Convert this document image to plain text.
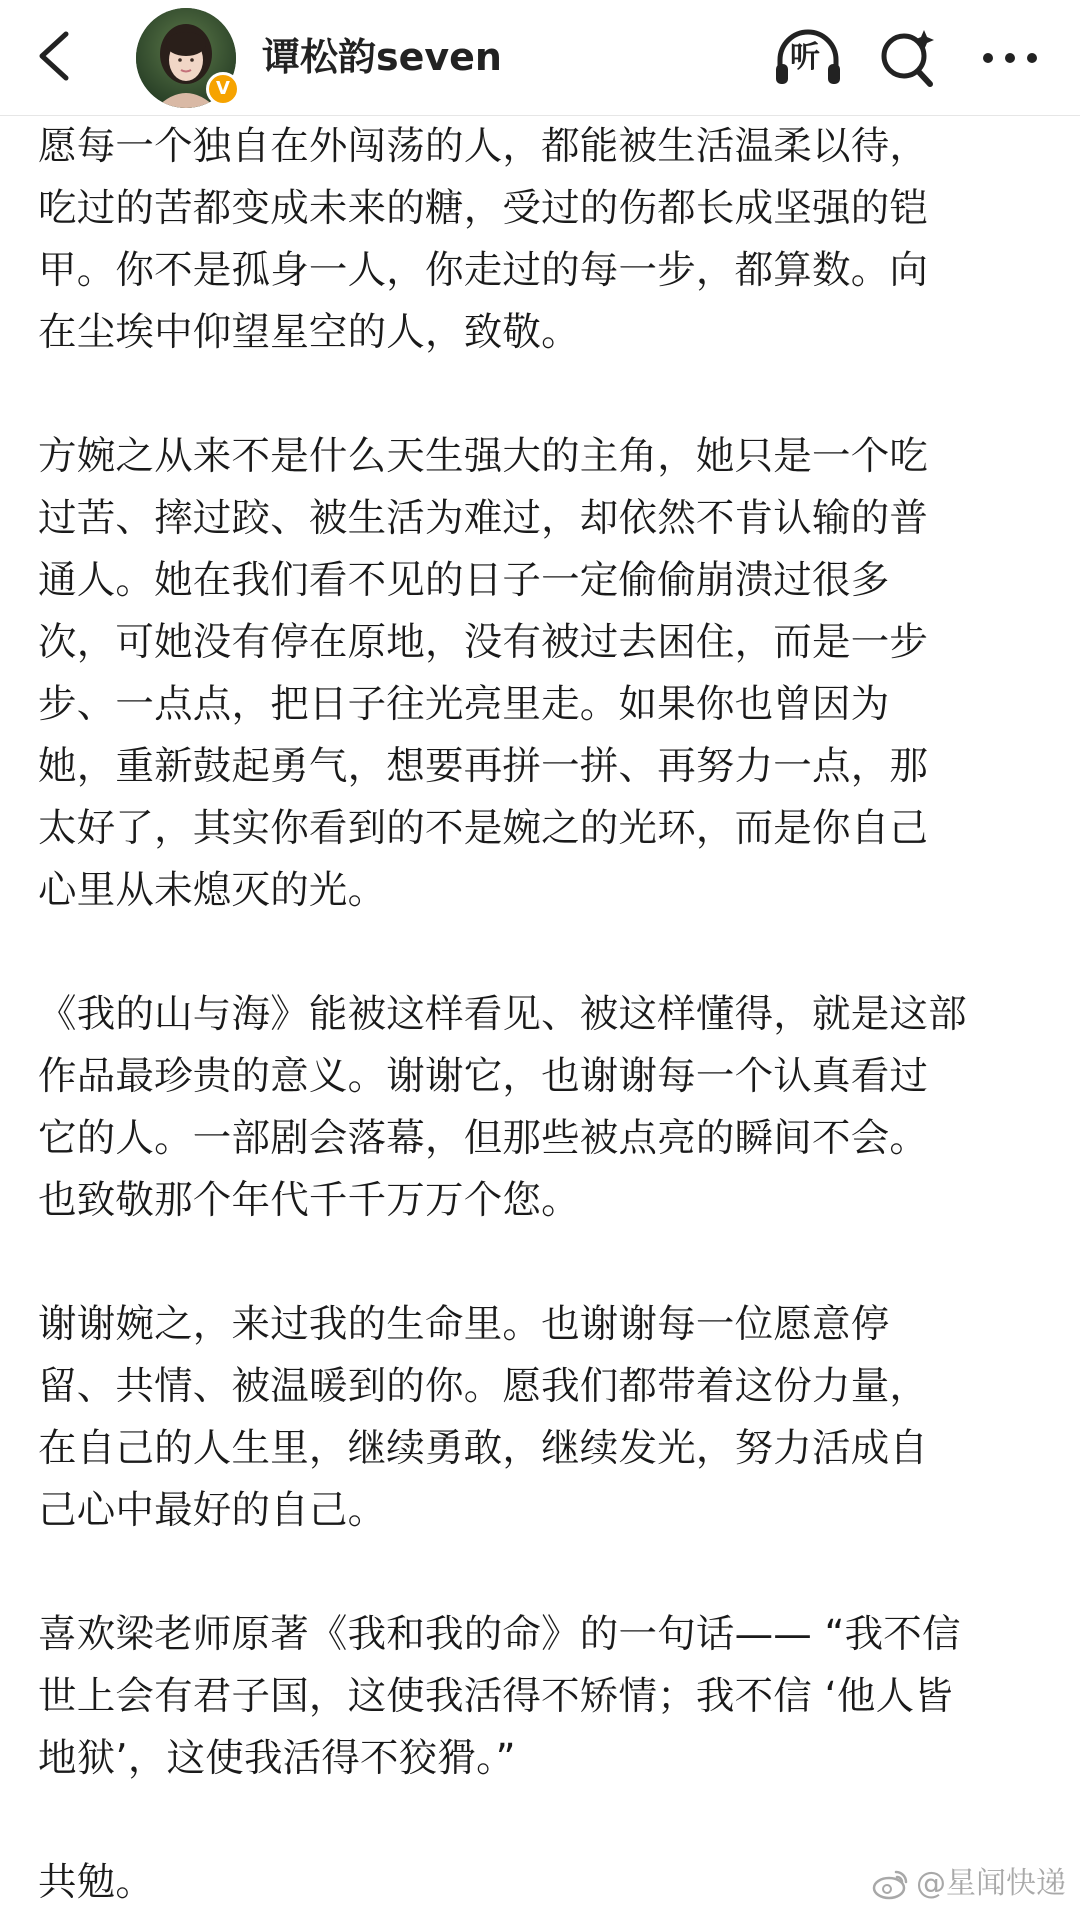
V
谭松韵seven	听

愿每一个独自在外闯荡的人，都能被生活温柔以待，

吃过的苦都变成未来的糖，受过的伤都长成坚强的铠

甲。你不是孤身一人，你走过的每一步，都算数。向

在尘埃中仰望星空的人，致敬。

方婉之从来不是什么天生强大的主角，她只是一个吃

过苦、摔过跤、被生活为难过，却依然不肯认输的普

通人。她在我们看不见的日子一定偷偷崩溃过很多

次，可她没有停在原地，没有被过去困住，而是一步

步、一点点，把日子往光亮里走。如果你也曾因为

她，重新鼓起勇气，想要再拼一拼、再努力一点，那

太好了，其实你看到的不是婉之的光环，而是你自己

心里从未熄灭的光。

《我的山与海》能被这样看见、被这样懂得，就是这部

作品最珍贵的意义。谢谢它，也谢谢每一个认真看过

它的人。一部剧会落幕，但那些被点亮的瞬间不会。

也致敬那个年代千千万万个您。

谢谢婉之，来过我的生命里。也谢谢每一位愿意停

留、共情、被温暖到的你。愿我们都带着这份力量，

在自己的人生里，继续勇敢，继续发光，努力活成自

己心中最好的自己。

喜欢梁老师原著《我和我的命》的一句话—— “我不信

世上会有君子国，这使我活得不矫情；我不信 ‘他人皆

地狱’，这使我活得不狡猾。”

共勉。	@星闻快递
